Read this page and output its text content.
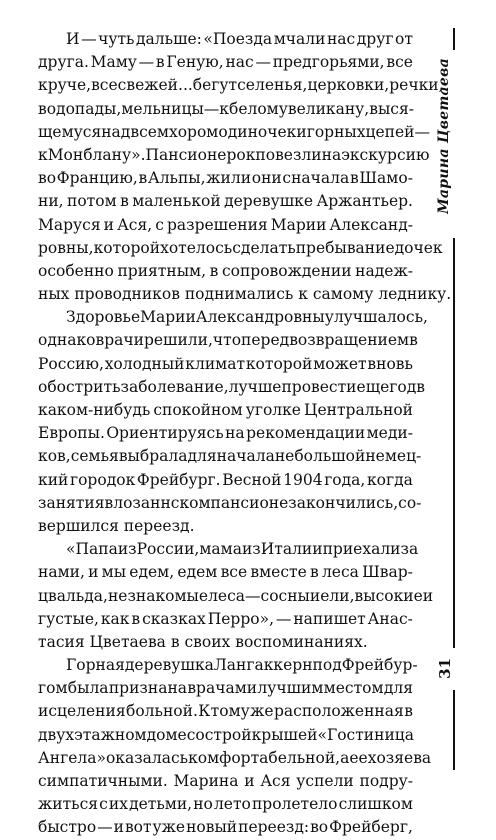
И — чуть дальше: «Поезда мчали нас друг от
друга. Маму — в Геную, нас — предгорьями, все
круче, все свежей... бегут селенья, церковки, речки,
водопады, мельницы — к белому великану, выся-
щемуся над всем хором одиночек и горных цепей —
к Монблану». Пансионерок повезли на экскурсию
во Францию, в Альпы, жили они сначала в Шамо-
ни, потом в маленькой деревушке Аржантьер.
Маруся и Ася, с разрешения Марии Александ-
ровны, которой хотелось сделать пребывание дочек
особенно приятным, в сопровождении надеж-
ных проводников поднимались к самому леднику.
Здоровье Марии Александровны улучшалось,
однако врачи решили, что перед возвращением в
Россию, холодный климат которой может вновь
обострить заболевание, лучше провести еще год в
каком-нибудь спокойном уголке Центральной
Европы. Ориентируясь на рекомендации меди-
ков, семья выбрала для начала небольшой немец-
кий городок Фрейбург. Весной 1904 года, когда
занятия в лозаннском пансионе закончились, со-
вершился переезд.
«Папа из России, мама из Италии приехали за
нами, и мы едем, едем все вместе в леса Швар-
цвальда, незнакомые леса — сосны и ели, высокие и
густые, как в сказках Перро», — напишет Анас-
тасия Цветаева в своих воспоминаниях.
Горная деревушка Лангаккерн под Фрейбур-
гом была признана врачами лучшим местом для
исцеления больной. К тому же расположенная в
двухэтажном доме с острой крышей «Гостиница
Ангела» оказалась комфортабельной, а ее хозяева
симпатичными. Марина и Ася успели подру-
житься с их детьми, но лето пролетело слишком
быстро — и вот уже новый переезд: во Фрейберг,
Марина Цветаева
31
